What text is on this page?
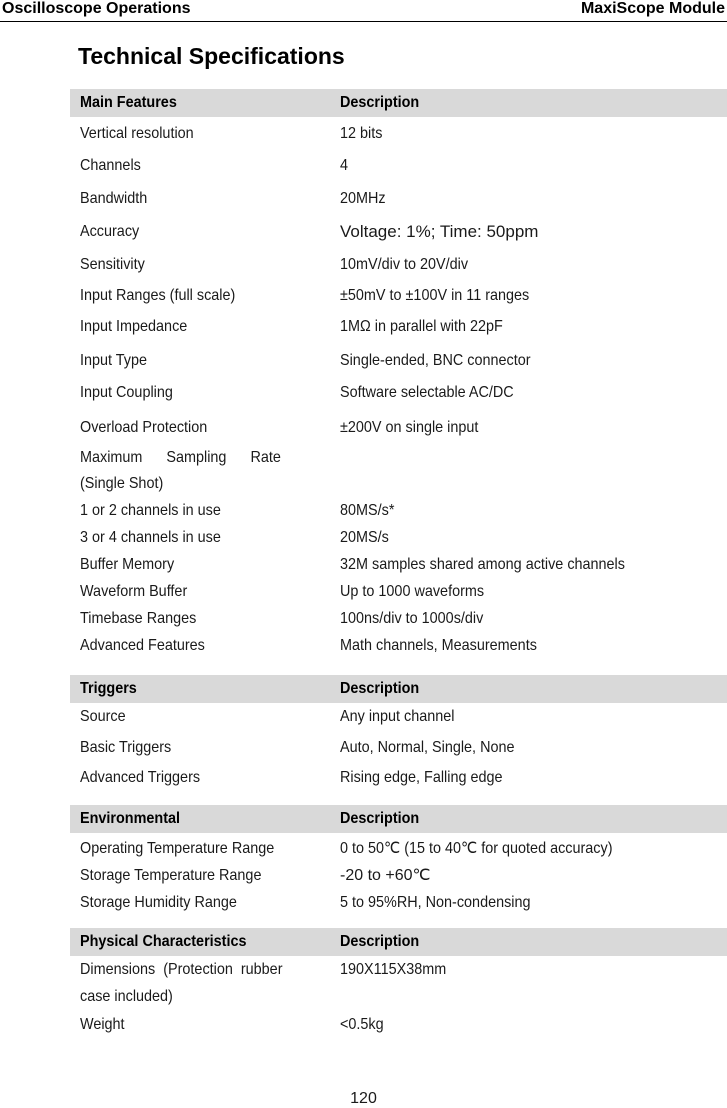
Oscilloscope Operations	MaxiScope Module
Technical Specifications
Main Features	Description
Vertical resolution	12 bits
Channels	4
Bandwidth	20MHz
Accuracy	Voltage: 1%; Time: 50ppm
Sensitivity	10mV/div to 20V/div
Input Ranges (full scale)	±50mV to ±100V in 11 ranges
Input Impedance	1MΩ in parallel with 22pF
Input Type	Single-ended, BNC connector
Input Coupling	Software selectable AC/DC
Overload Protection	±200V on single input
Maximum      Sampling      Rate
(Single Shot)
1 or 2 channels in use	80MS/s*
3 or 4 channels in use	20MS/s
Buffer Memory	32M samples shared among active channels
Waveform Buffer	Up to 1000 waveforms
Timebase Ranges	100ns/div to 1000s/div
Advanced Features	Math channels, Measurements
Triggers	Description
Source	Any input channel
Basic Triggers	Auto, Normal, Single, None
Advanced Triggers	Rising edge, Falling edge
Environmental	Description
Operating Temperature Range	0 to 50℃ (15 to 40℃ for quoted accuracy)
Storage Temperature Range	-20 to +60℃
Storage Humidity Range	5 to 95%RH, Non-condensing
Physical Characteristics	Description
Dimensions  (Protection  rubber	190X115X38mm
case included)
Weight	<0.5kg
120
